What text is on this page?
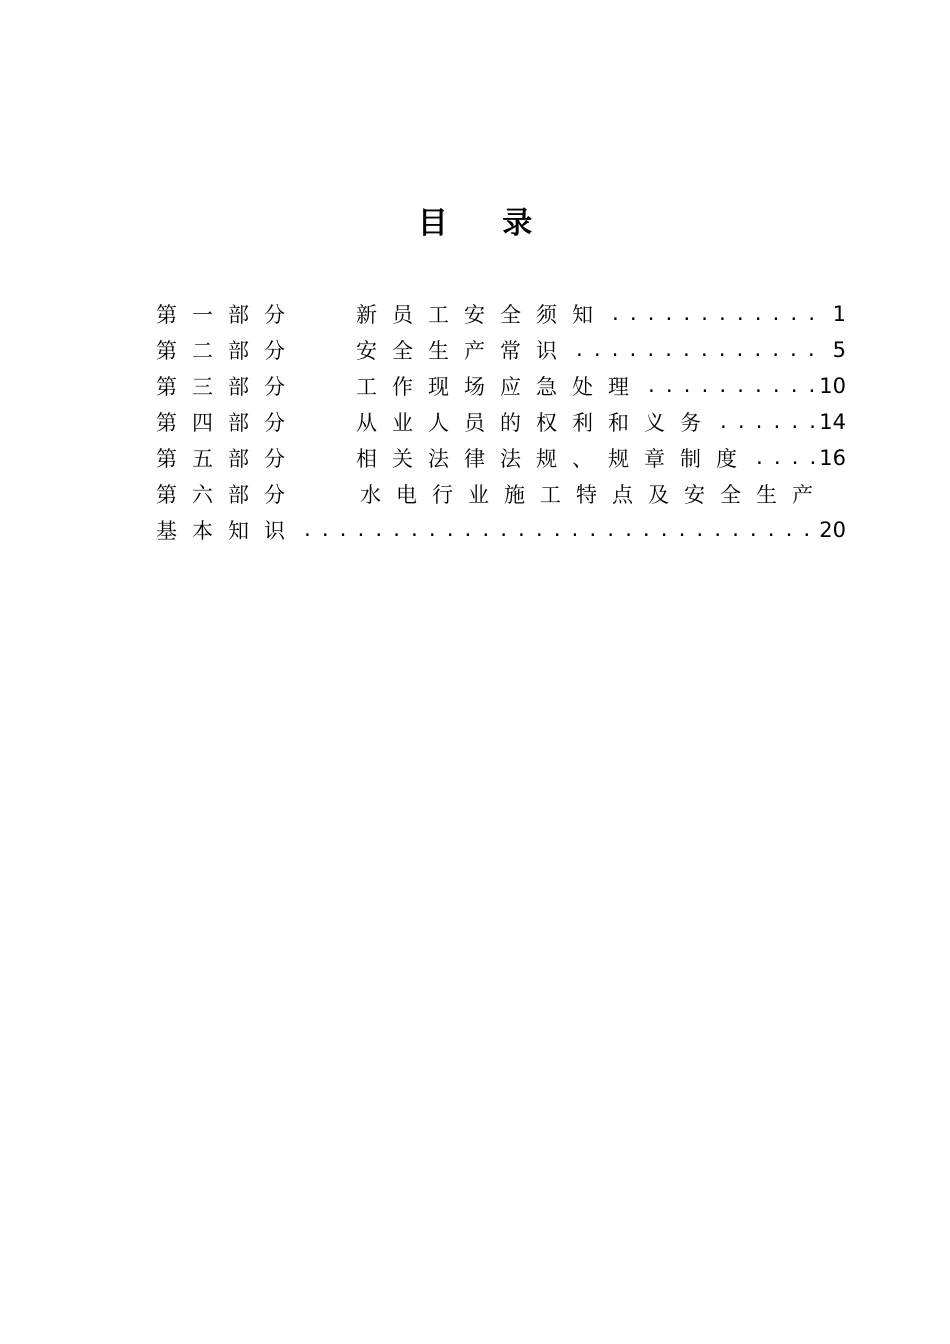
目 录
第一部分	新员工安全须知 .....	1
第二部分	安全生产常识 .....	5
第三部分	工作现场应急处理 .....	10
第四部分	从业人员的权利和义务 .....	14
第五部分	相关法律法规、规章制度 .....	16
第六部分	水电行业施工特点及安全生产
基本知识 .....	20
